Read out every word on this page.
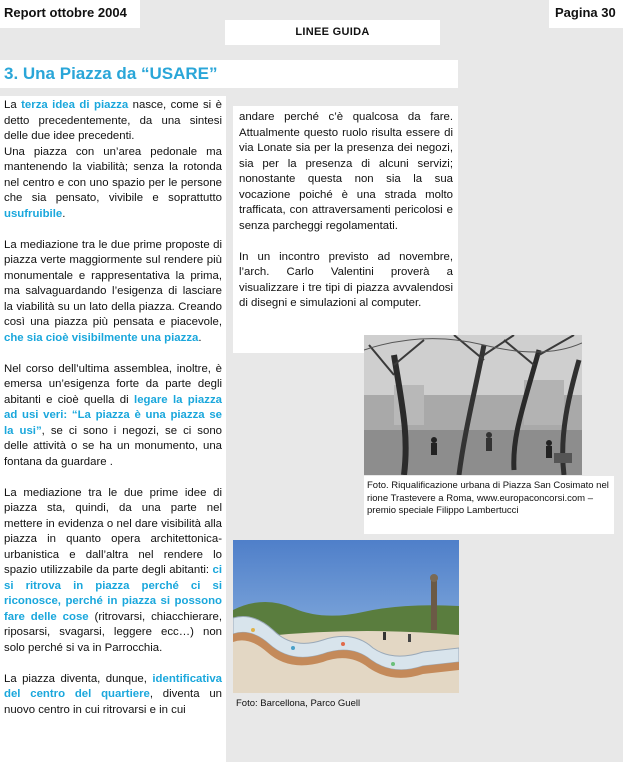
Report ottobre 2004	Pagina 30
LINEE GUIDA
3. Una Piazza da “USARE”

La terza idea di piazza nasce, come si è detto precedentemente, da una sintesi delle due idee precedenti.
Una piazza con un’area pedonale ma mantenendo la viabilità; senza la rotonda nel centro e con uno spazio per le persone che sia pensato, vivibile e soprattutto usufruibile.

La mediazione tra le due prime proposte di piazza verte maggiormente sul rendere più monumentale e rappresentativa la prima, ma salvaguardando l’esigenza di lasciare la viabilità su un lato della piazza. Creando così una piazza più pensata e piacevole, che sia cioè visibilmente una piazza.

Nel corso dell’ultima assemblea, inoltre, è emersa un’esigenza forte da parte degli abitanti e cioè quella di legare la piazza ad usi veri: “La piazza è una piazza se la usi”, se ci sono i negozi, se ci sono delle attività o se ha un monumento, una fontana da guardare .

La mediazione tra le due prime idee di piazza sta, quindi, da una parte nel mettere in evidenza o nel dare visibilità alla piazza in quanto opera architettonica-urbanistica e dall’altra nel rendere lo spazio utilizzabile da parte degli abitanti: ci si ritrova in piazza perché ci si riconosce, perché in piazza si possono fare delle cose (ritrovarsi, chiacchierare, riposarsi, svagarsi, leggere ecc…) non solo perché si va in Parrocchia.

La piazza diventa, dunque, identificativa del centro del quartiere, diventa un nuovo centro in cui ritrovarsi e in cui

andare perché c’è qualcosa da fare. Attualmente questo ruolo risulta essere di via Lonate sia per la presenza dei negozi, sia per la presenza di alcuni servizi; nonostante questa non sia la sua vocazione poiché è una strada molto trafficata, con attraversamenti pericolosi e senza parcheggi regolamentati.

In un incontro previsto ad novembre, l’arch. Carlo Valentini proverà a visualizzare i tre tipi di piazza avvalendosi di disegni e simulazioni al computer.

Foto. Riqualificazione urbana di Piazza San Cosimato nel rione Trastevere a Roma, www.europaconcorsi.com – premio speciale Filippo Lambertucci
Foto: Barcellona, Parco Guell
